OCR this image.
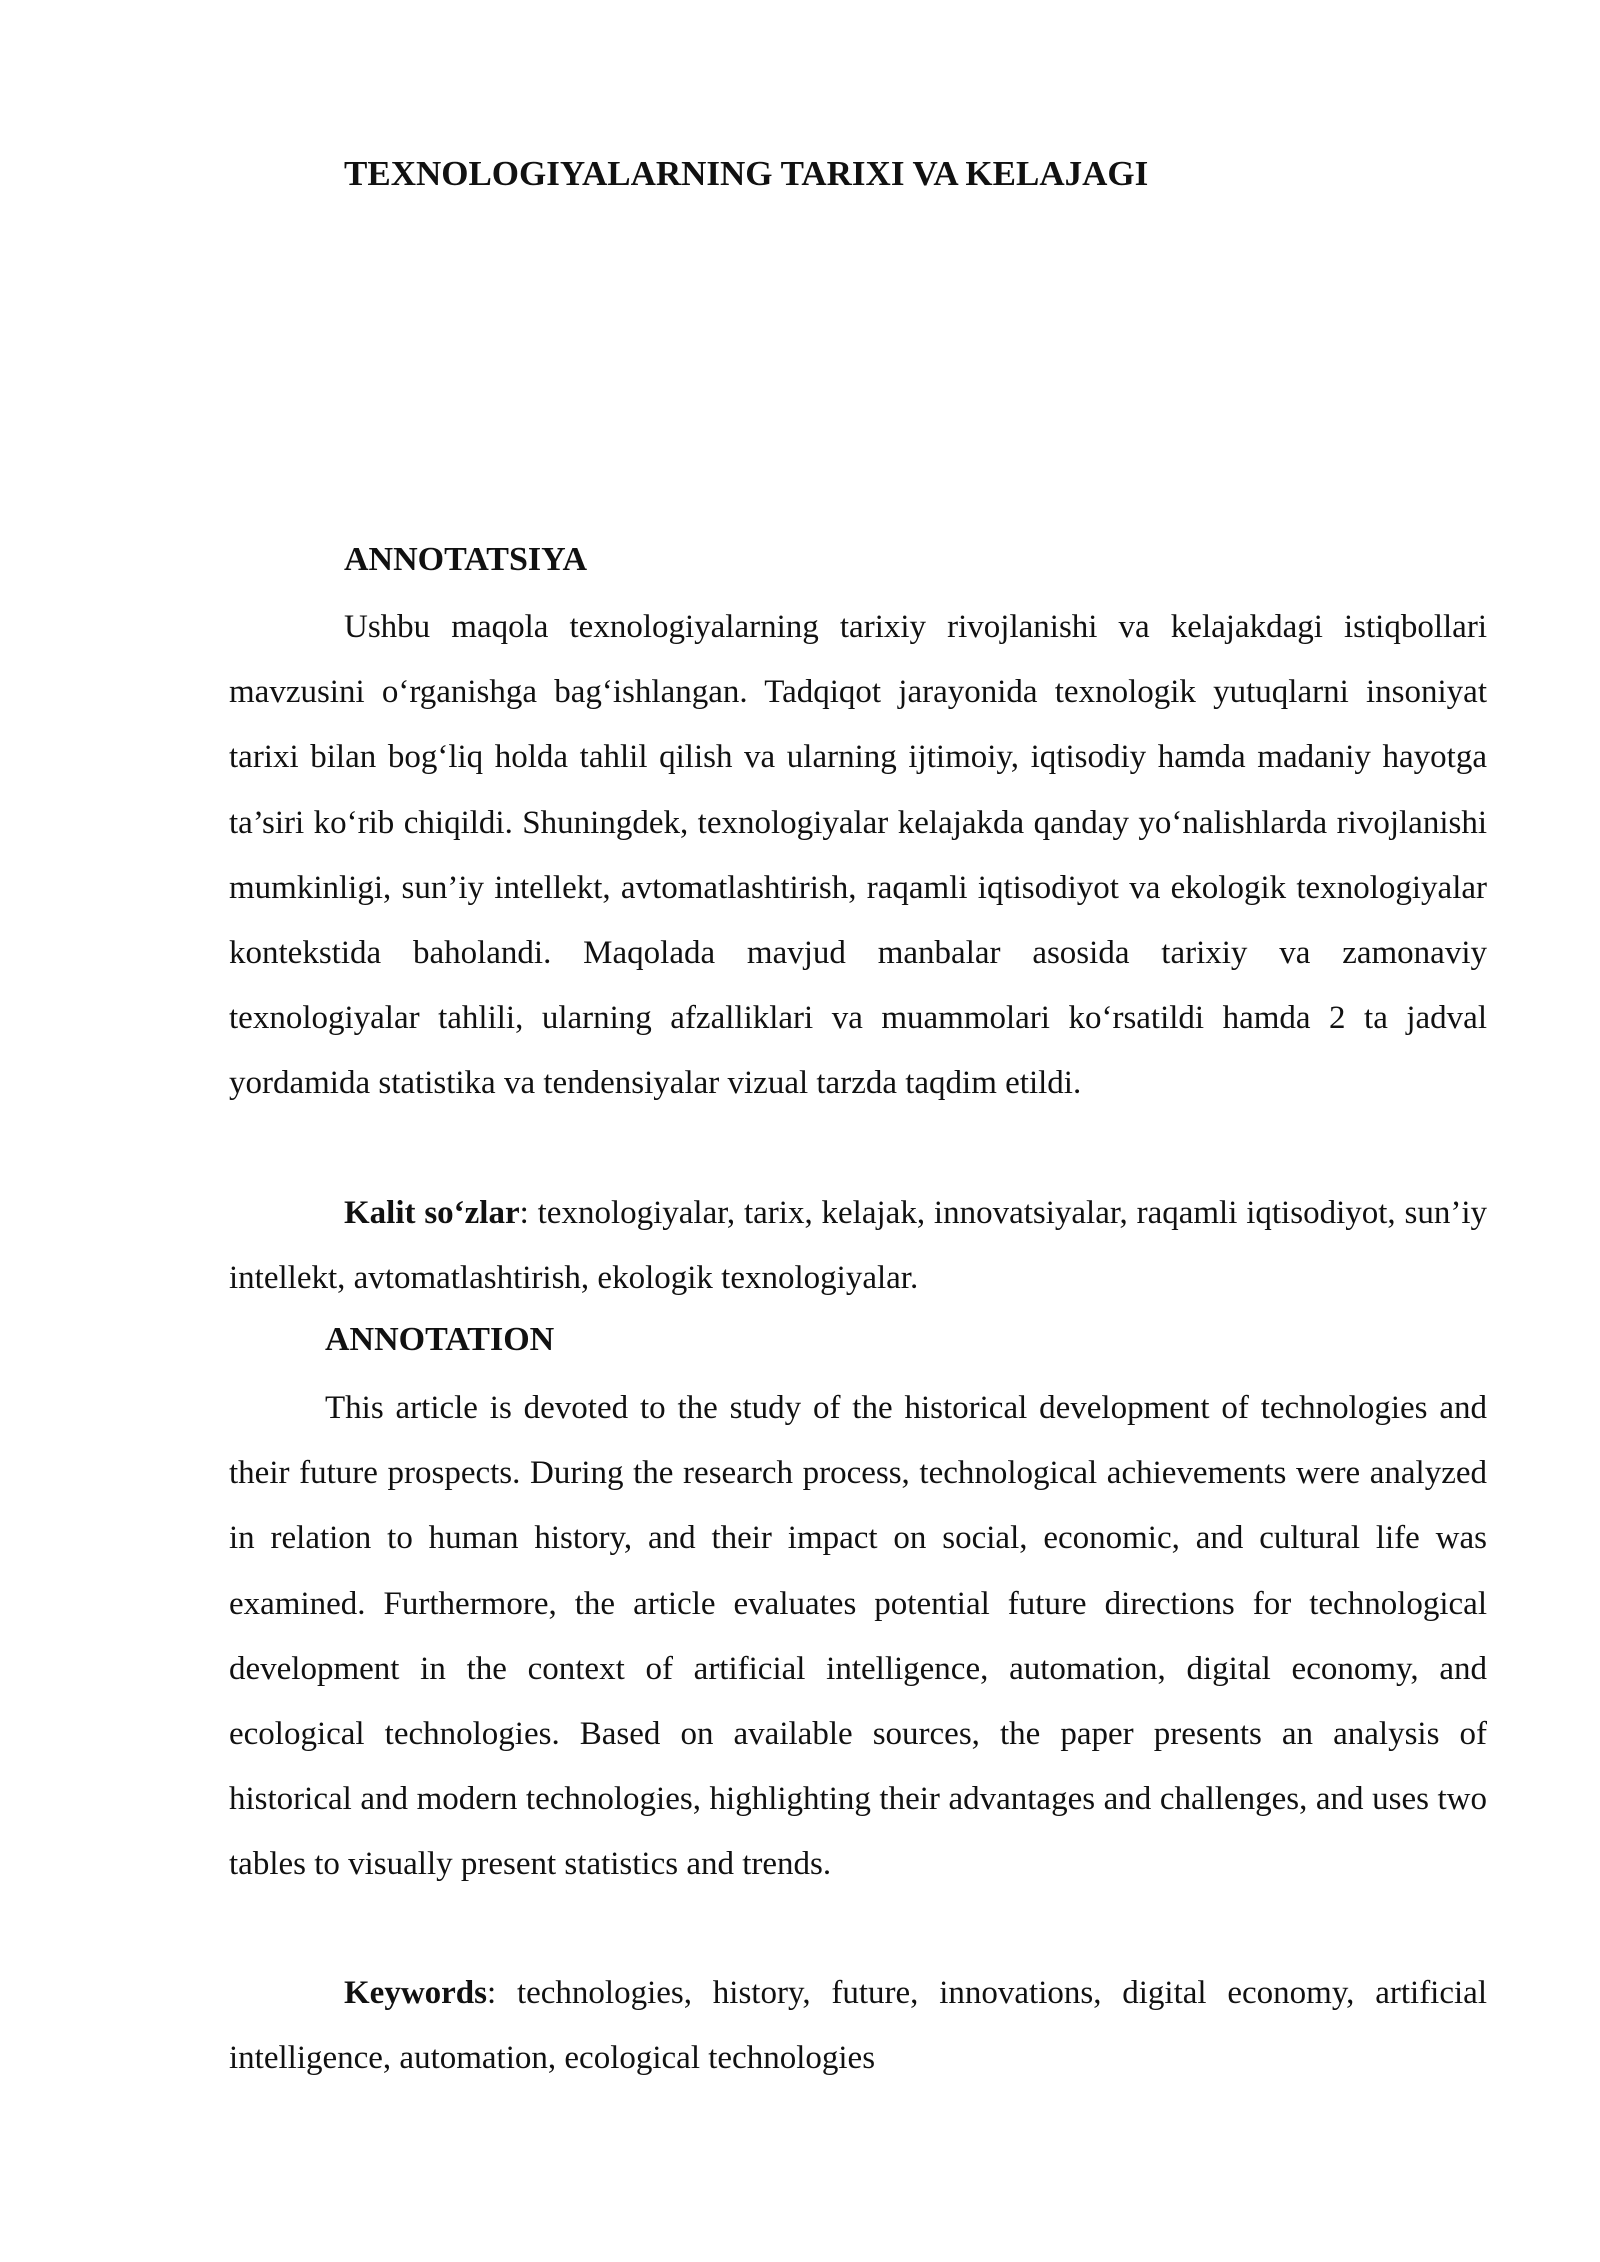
TEXNOLOGIYALARNING TARIXI VA KELAJAGI
ANNOTATSIYA

Ushbu maqola texnologiyalarning tarixiy rivojlanishi va kelajakdagi istiqbollari mavzusini o‘rganishga bag‘ishlangan. Tadqiqot jarayonida texnologik yutuqlarni insoniyat tarixi bilan bog‘liq holda tahlil qilish va ularning ijtimoiy, iqtisodiy hamda madaniy hayotga ta’siri ko‘rib chiqildi. Shuningdek, texnologiyalar kelajakda qanday yo‘nalishlarda rivojlanishi mumkinligi, sun’iy intellekt, avtomatlashtirish, raqamli iqtisodiyot va ekologik texnologiyalar kontekstida baholandi. Maqolada mavjud manbalar asosida tarixiy va zamonaviy texnologiyalar tahlili, ularning afzalliklari va muammolari ko‘rsatildi hamda 2 ta jadval yordamida statistika va tendensiyalar vizual tarzda taqdim etildi.

Kalit so‘zlar: texnologiyalar, tarix, kelajak, innovatsiyalar, raqamli iqtisodiyot, sun’iy intellekt, avtomatlashtirish, ekologik texnologiyalar.

ANNOTATION

This article is devoted to the study of the historical development of technologies and their future prospects. During the research process, technological achievements were analyzed in relation to human history, and their impact on social, economic, and cultural life was examined. Furthermore, the article evaluates potential future directions for technological development in the context of artificial intelligence, automation, digital economy, and ecological technologies. Based on available sources, the paper presents an analysis of historical and modern technologies, highlighting their advantages and challenges, and uses two tables to visually present statistics and trends.

Keywords: technologies, history, future, innovations, digital economy, artificial intelligence, automation, ecological technologies
